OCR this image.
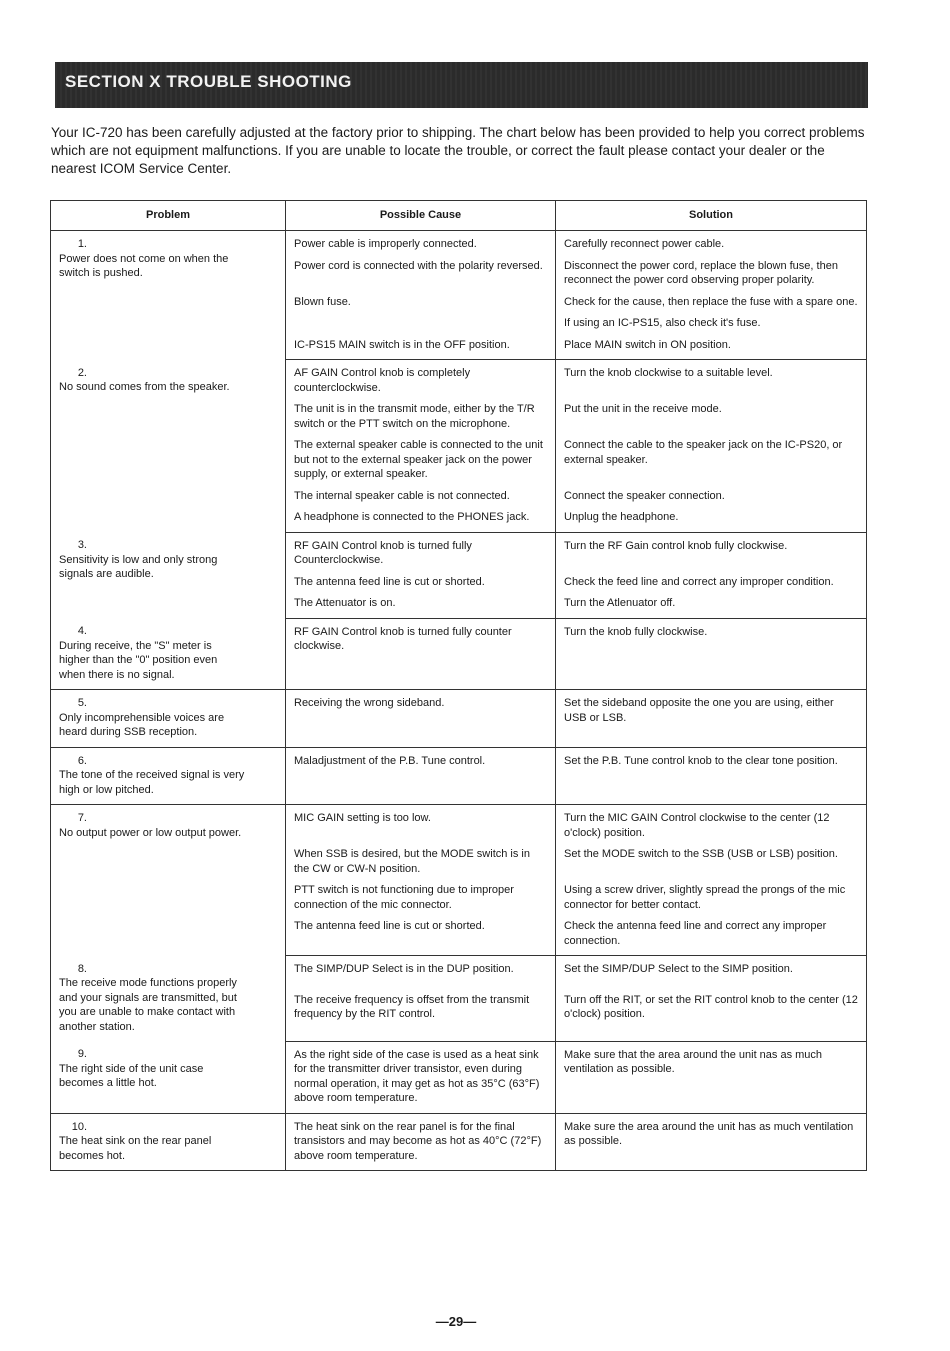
SECTION X TROUBLE SHOOTING

Your IC-720 has been carefully adjusted at the factory prior to shipping. The chart below has been provided to help you correct problems which are not equipment malfunctions. If you are unable to locate the trouble, or correct the fault please contact your dealer or the nearest ICOM Service Center.

Problem	Possible Cause	Solution
1.Power does not come on when the switch is pushed.	Power cable is improperly connected.	Carefully reconnect power cable.
	Power cord is connected with the polarity reversed.	Disconnect the power cord, replace the blown fuse, then reconnect the power cord observing proper polarity.
	Blown fuse.	Check for the cause, then replace the fuse with a spare one.
		If using an IC-PS15, also check it's fuse.
	IC-PS15 MAIN switch is in the OFF position.	Place MAIN switch in ON position.
2.No sound comes from the speaker.	AF GAIN Control knob is completely counterclockwise.	Turn the knob clockwise to a suitable level.
	The unit is in the transmit mode, either by the T/R switch or the PTT switch on the microphone.	Put the unit in the receive mode.
	The external speaker cable is connected to the unit but not to the external speaker jack on the power supply, or external speaker.	Connect the cable to the speaker jack on the IC-PS20, or external speaker.
	The internal speaker cable is not connected.	Connect the speaker connection.
	A headphone is connected to the PHONES jack.	Unplug the headphone.
3.Sensitivity is low and only strong signals are audible.	RF GAIN Control knob is turned fully Counterclockwise.	Turn the RF Gain control knob fully clockwise.
	The antenna feed line is cut or shorted.	Check the feed line and correct any improper condition.
	The Attenuator is on.	Turn the Atlenuator off.
4.During receive, the "S" meter is higher than the "0" position even when there is no signal.	RF GAIN Control knob is turned fully counter clockwise.	Turn the knob fully clockwise.
5.Only incomprehensible voices are heard during SSB reception.	Receiving the wrong sideband.	Set the sideband opposite the one you are using, either USB or LSB.
6.The tone of the received signal is very high or low pitched.	Maladjustment of the P.B. Tune control.	Set the P.B. Tune control knob to the clear tone position.
7.No output power or low output power.	MIC GAIN setting is too low.	Turn the MIC GAIN Control clockwise to the center (12 o'clock) position.
	When SSB is desired, but the MODE switch is in the CW or CW-N position.	Set the MODE switch to the SSB (USB or LSB) position.
	PTT switch is not functioning due to improper connection of the mic connector.	Using a screw driver, slightly spread the prongs of the mic connector for better contact.
	The antenna feed line is cut or shorted.	Check the antenna feed line and correct any improper connection.
8.The receive mode functions properly and your signals are transmitted, but you are unable to make contact with another station.	The SIMP/DUP Select is in the DUP position.	Set the SIMP/DUP Select to the SIMP position.
	The receive frequency is offset from the transmit frequency by the RIT control.	Turn off the RIT, or set the RIT control knob to the center (12 o'clock) position.
9.The right side of the unit case becomes a little hot.	As the right side of the case is used as a heat sink for the transmitter driver transistor, even during normal operation, it may get as hot as 35°C (63°F) above room temperature.	Make sure that the area around the unit nas as much ventilation as possible.
10.The heat sink on the rear panel becomes hot.	The heat sink on the rear panel is for the final transistors and may become as hot as 40°C (72°F) above room temperature.	Make sure the area around the unit has as much ventilation as possible.
—29—
